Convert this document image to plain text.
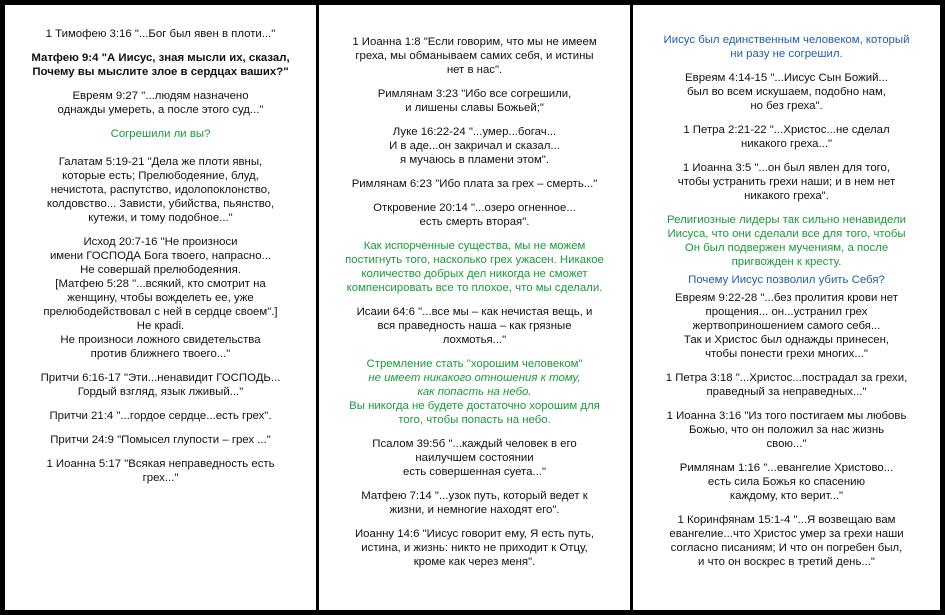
1 Тимофею 3:16 "...Бог был явен в плоти..."

Матфею 9:4 "А Иисус, зная мысли их, сказал,
Почему вы мыслите злое в сердцах ваших?"

Евреям 9:27 "...людям назначено
однажды умереть, а после этого суд..."

Согрешили ли вы?

Галатам 5:19-21 "Дела же плоти явны,
которые есть; Прелюбодеяние, блуд,
нечистота, распутство, идолопоклонство,
колдовство... Зависти, убийства, пьянство,
кутежи, и тому подобное..."

Исход 20:7-16 "Не произноси
имени ГОСПОДА Бога твоего, напрасно...
Не совершай прелюбодеяния.
[Матфею 5:28 "...всякий, кто смотрит на
женщину, чтобы вожделеть ее, уже
прелюбодействовал с ней в сердце своем".]
Не крadi.
Не произноси ложного свидетельства
против ближнего твоего..."

Притчи 6:16-17 "Эти...ненавидит ГОСПОДЬ...
Гордый взгляд, язык лживый..."

Притчи 21:4 "...гордое сердце...есть грех".

Притчи 24:9 "Помысел глупости – грех ..."

1 Иоанна 5:17 "Всякая неправедность есть
грех..."

1 Иоанна 1:8 "Если говорим, что мы не имеем
греха, мы обманываем самих себя, и истины
нет в нас".

Римлянам 3:23 "Ибо все согрешили,
и лишены славы Божьей;"

Луке 16:22-24 "...умер...богач...
И в аде...он закричал и сказал...
я мучаюсь в пламени этом".

Римлянам 6:23 "Ибо плата за грех – смерть..."

Откровение 20:14 "...озеро огненное...
есть смерть вторая".

Как испорченные существа, мы не можем
постигнуть того, насколько грех ужасен. Никакое
количество добрых дел никогда не сможет
компенсировать все то плохое, что мы сделали.

Исаии 64:6 "...все мы – как нечистая вещь, и
вся праведность наша – как грязные
лохмотья..."

Стремление стать "хорошим человеком"

не имеет никакого отношения к тому,
как попасть на небо.

Вы никогда не будете достаточно хорошим для
того, чтобы попасть на небо.

Псалом 39:5б "...каждый человек в его
наилучшем состоянии
есть совершенная суета..."

Матфею 7:14 "...узок путь, который ведет к
жизни, и немногие находят его".

Иоанну 14:6 "Иисус говорит ему, Я есть путь,
истина, и жизнь: никто не приходит к Отцу,
кроме как через меня".

Иисус был единственным человеком, который
ни разу не согрешил.

Евреям 4:14-15 "...Иисус Сын Божий...
был во всем искушаем, подобно нам,
но без греха".

1 Петра 2:21-22 "...Христос...не сделал
никакого греха..."

1 Иоанна 3:5 "...он был явлен для того,
чтобы устранить грехи наши; и в нем нет
никакого греха".

Религиозные лидеры так сильно ненавидели
Иисуса, что они сделали все для того, чтобы
Он был подвержен мучениям, а после
пригвожден к кресту.

Почему Иисус позволил убить Себя?

Евреям 9:22-28 "...без пролития крови нет
прощения... он...устранил грех
жертвоприношением самого себя...
Так и Христос был однажды принесен,
чтобы понести грехи многих..."

1 Петра 3:18 "...Христос...пострадал за грехи,
праведный за неправедных..."

1 Иоанна 3:16 "Из того постигаем мы любовь
Божью, что он положил за нас жизнь
свою..."

Римлянам 1:16 "...евангелие Христово...
есть сила Божья ко спасению
каждому, кто верит..."

1 Коринфянам 15:1-4 "...Я возвещаю вам
евангелие...что Христос умер за грехи наши
согласно писаниям; И что он погребен был,
и что он воскрес в третий день..."
